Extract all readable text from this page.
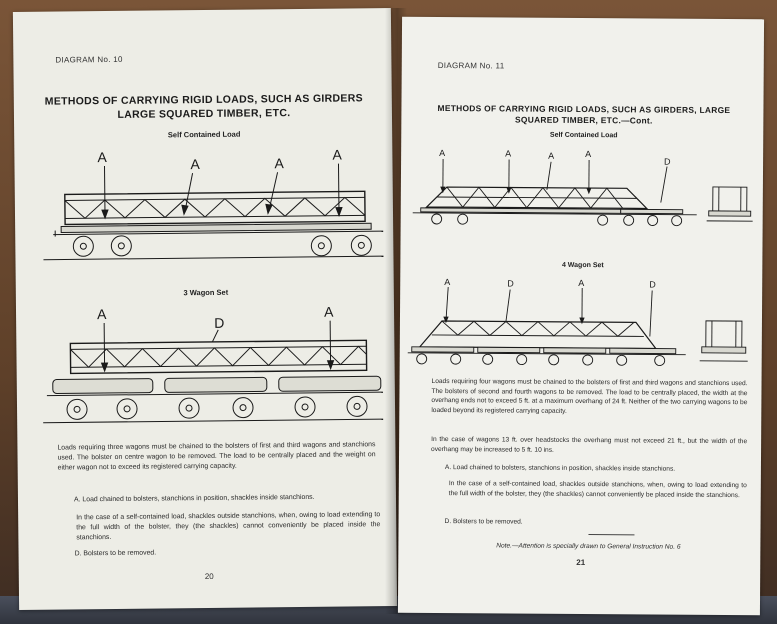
DIAGRAM No. 10
METHODS OF CARRYING RIGID LOADS, SUCH AS GIRDERS
LARGE SQUARED TIMBER, ETC.
Self Contained Load
A	A	A
A
3 Wagon Set
A
D
A
Loads requiring three wagons must be chained to the bolsters of first and third wagons and stanchions used. The bolster on centre wagon to be removed. The load to be centrally placed and the weight on either wagon not to exceed its registered carrying capacity.
A. Load chained to bolsters, stanchions in position, shackles inside stanchions.
In the case of a self-contained load, shackles outside stanchions, when, owing to load extending to the full width of the bolster, they (the shackles) cannot conveniently be placed inside the stanchions.
D. Bolsters to be removed.
20
DIAGRAM No. 11
METHODS OF CARRYING RIGID LOADS, SUCH AS GIRDERS, LARGE
SQUARED TIMBER, ETC.—Cont.
Self Contained Load
A	A	A	A
D
4 Wagon Set
A	D	A	D
Loads requiring four wagons must be chained to the bolsters of first and third wagons and stanchions used. The bolsters of second and fourth wagons to be removed. The load to be centrally placed, the width at the overhang ends not to exceed 5 ft. at a maximum overhang of 24 ft. Neither of the two carrying wagons to be loaded beyond its registered carrying capacity.
In the case of wagons 13 ft. over headstocks the overhang must not exceed 21 ft., but the width of the overhang may be increased to 5 ft. 10 ins.
A. Load chained to bolsters, stanchions in position, shackles inside stanchions.
In the case of a self-contained load, shackles outside stanchions, when, owing to load extending to the full width of the bolster, they (the shackles) cannot conveniently be placed inside the stanchions.
D. Bolsters to be removed.
Note.—Attention is specially drawn to General Instruction No. 6
21
